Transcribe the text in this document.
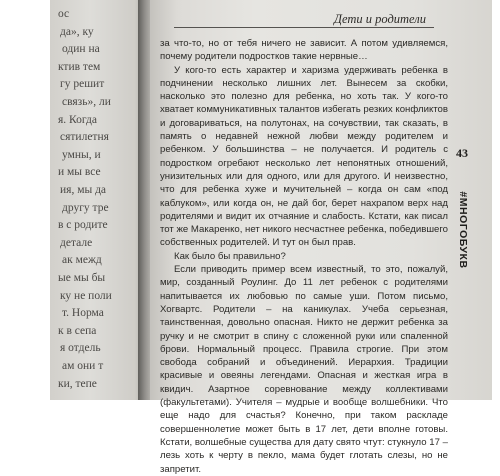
ос
да», ку
один на
ктив тем
гу решит
связь», ли
я. Когда
сятилетня
умны, и
и мы все
ия, мы да
другу тре
в с родите
детале
ак межд
ые мы бы
ку не поли
т. Норма
к в сепа
я отдель
ам они т
ки, тепе
Дети и родители

за что-то, но от тебя ничего не зависит. А потом удивляемся, почему родители подростков такие нервные…

У кого-то есть характер и харизма удерживать ребенка в подчинении несколько лишних лет. Вынесем за скобки, насколько это полезно для ребенка, но хоть так. У кого-то хватает коммуникативных талантов избегать резких конфликтов и договариваться, на полутонах, на сочувствии, так сказать, в память о недавней нежной любви между родителем и ребенком. У большинства – не получается. И родитель с подростком огребают несколько лет непонятных отношений, унизительных или для одного, или для другого. И неизвестно, что для ребенка хуже и мучительней – когда он сам «под каблуком», или когда он, не дай бог, берет нахрапом верх над родителями и видит их отчаяние и слабость. Кстати, как писал тот же Макаренко, нет никого несчастнее ребенка, победившего собственных родителей. И тут он был прав.

Как было бы правильно?

Если приводить пример всем известный, то это, пожалуй, мир, созданный Роулинг. До 11 лет ребенок с родителями напитывается их любовью по самые уши. Потом письмо, Хогвартс. Родители – на каникулах. Учеба серьезная, таинственная, довольно опасная. Никто не держит ребенка за ручку и не смотрит в спину с сложенной руки или спаленной брови. Нормальный процесс. Правила строгие. При этом свобода собраний и объединений. Иерархия. Традиции красивые и овеяны легендами. Опасная и жесткая игра в квидич. Азартное соревнование между коллективами (факультетами). Учителя – мудрые и вообще волшебники. Что еще надо для счастья? Конечно, при таком раскладе совершеннолетие может быть в 17 лет, дети вполне готовы. Кстати, волшебные существа для дату свято чтут: стукнуло 17 – лезь хоть к черту в пекло, мама будет глотать слезы, но не запретит.

43
#МНОГОБУКВ
